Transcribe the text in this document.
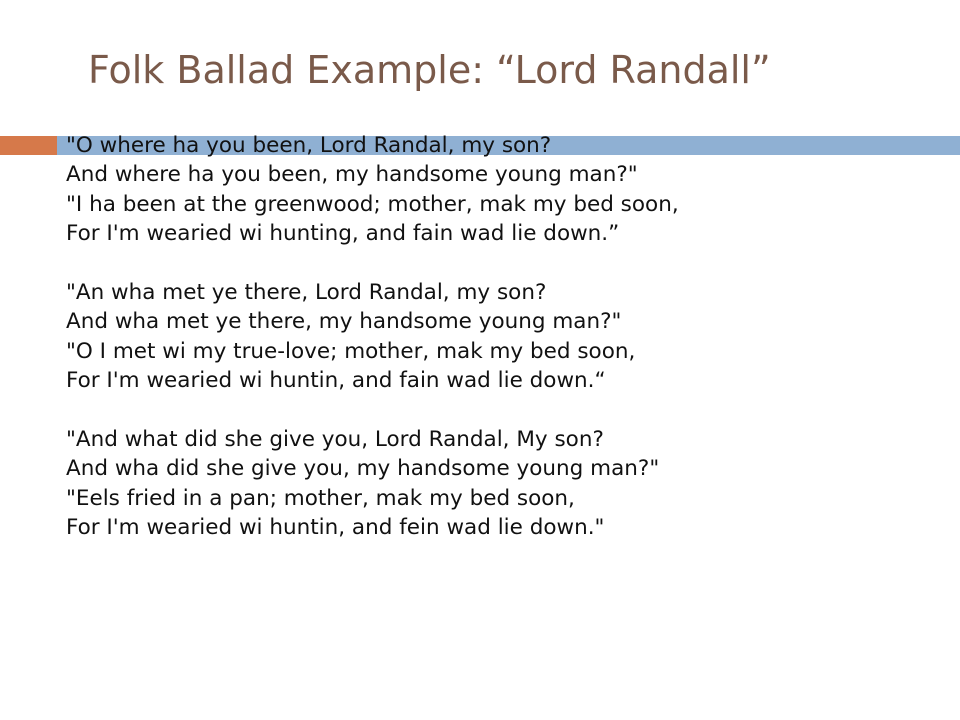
Folk Ballad Example: “Lord Randall”
"O where ha you been, Lord Randal, my son?
And where ha you been, my handsome young man?"
"I ha been at the greenwood; mother, mak my bed soon,
For I'm wearied wi hunting, and fain wad lie down.”
"An wha met ye there, Lord Randal, my son?
And wha met ye there, my handsome young man?"
"O I met wi my true-love; mother, mak my bed soon,
For I'm wearied wi huntin, and fain wad lie down.“
"And what did she give you, Lord Randal, My son?
And wha did she give you, my handsome young man?"
"Eels fried in a pan; mother, mak my bed soon,
For I'm wearied wi huntin, and fein wad lie down."
